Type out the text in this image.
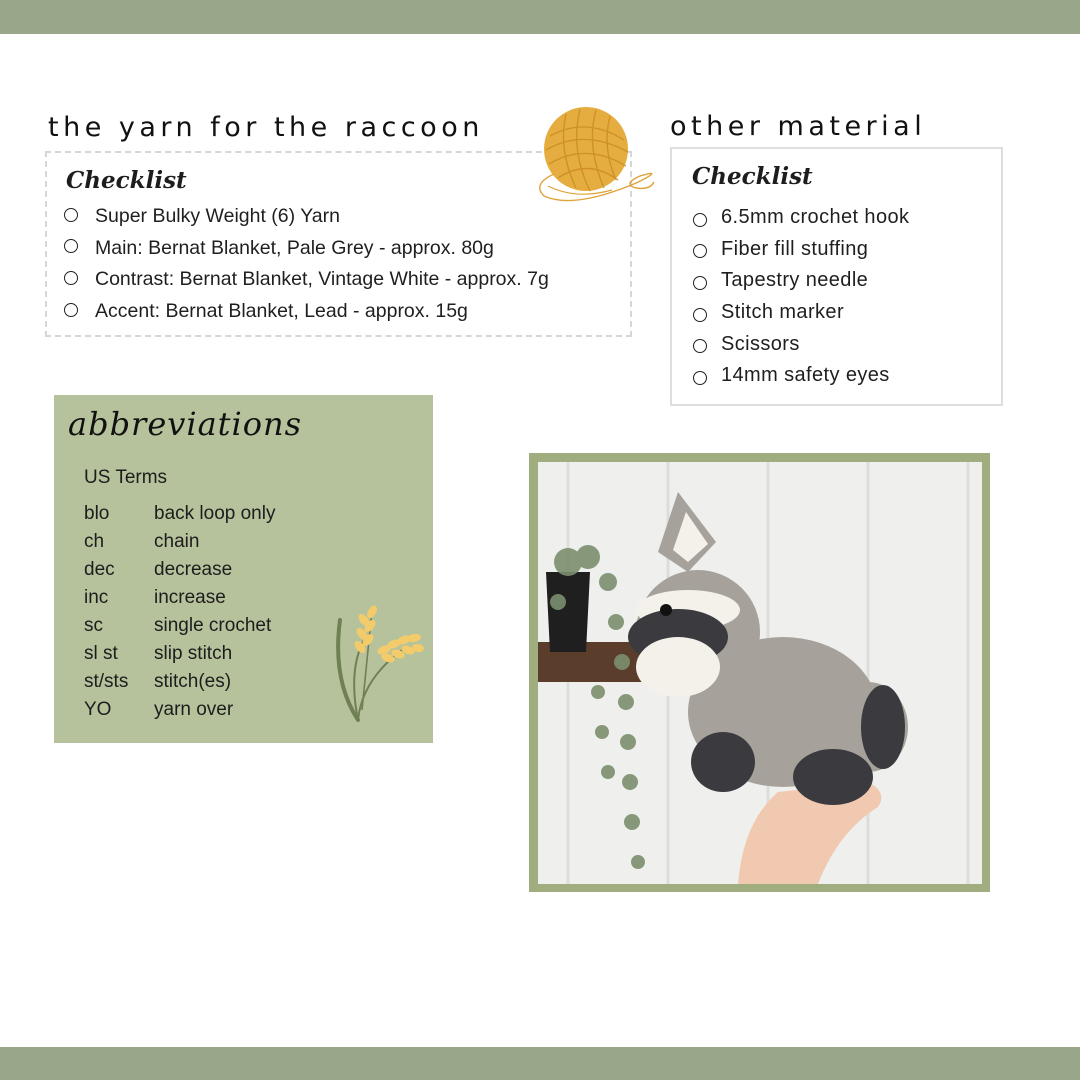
the yarn for the raccoon
Checklist
Super Bulky Weight (6) Yarn
Main: Bernat Blanket, Pale Grey - approx. 80g
Contrast: Bernat Blanket, Vintage White - approx. 7g
Accent: Bernat Blanket, Lead - approx. 15g
other material
Checklist
6.5mm crochet hook
Fiber fill stuffing
Tapestry needle
Stitch marker
Scissors
14mm safety eyes
abbreviations
US Terms
blo	back loop only
ch	chain
dec	decrease
inc	increase
sc	single crochet
sl st	slip stitch
st/sts	stitch(es)
YO	yarn over
